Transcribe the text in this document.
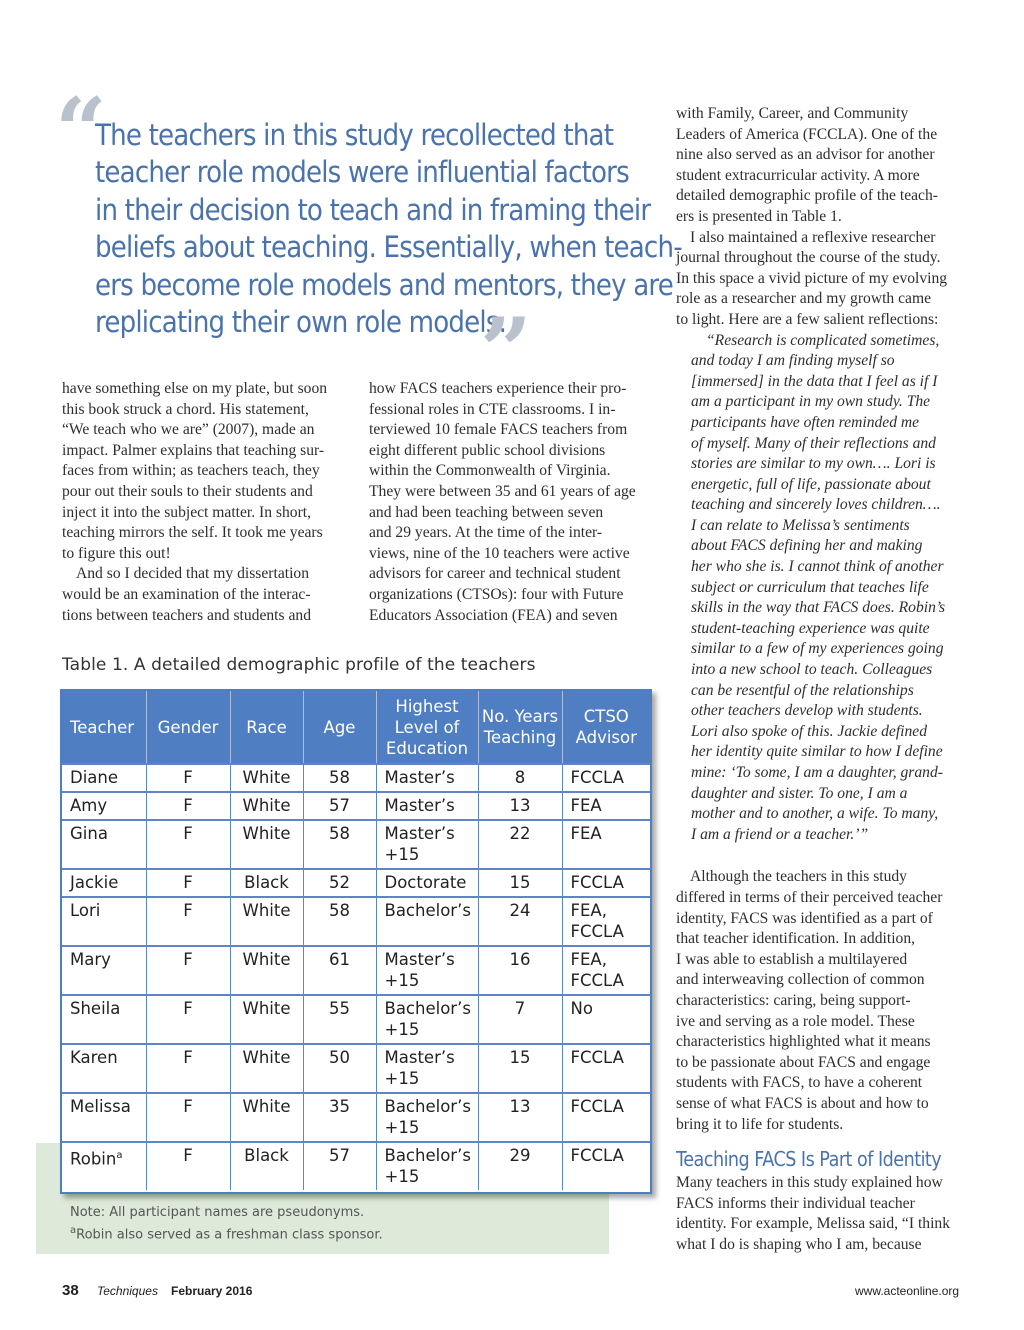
“
The teachers in this study recollected that
teacher role models were influential factors
in their decision to teach and in framing their
beliefs about teaching. Essentially, when teach-
ers become role models and mentors, they are
replicating their own role models.
”
have something else on my plate, but soon
this book struck a chord. His statement,
“We teach who we are” (2007), made an
impact. Palmer explains that teaching sur-
faces from within; as teachers teach, they
pour out their souls to their students and
inject it into the subject matter. In short,
teaching mirrors the self. It took me years
to figure this out!
And so I decided that my dissertation
would be an examination of the interac-
tions between teachers and students and
how FACS teachers experience their pro-
fessional roles in CTE classrooms. I in-
terviewed 10 female FACS teachers from
eight different public school divisions
within the Commonwealth of Virginia.
They were between 35 and 61 years of age
and had been teaching between seven
and 29 years. At the time of the inter-
views, nine of the 10 teachers were active
advisors for career and technical student
organizations (CTSOs): four with Future
Educators Association (FEA) and seven
with Family, Career, and Community
Leaders of America (FCCLA). One of the
nine also served as an advisor for another
student extracurricular activity. A more
detailed demographic profile of the teach-
ers is presented in Table 1.
I also maintained a reflexive researcher
journal throughout the course of the study.
In this space a vivid picture of my evolving
role as a researcher and my growth came
to light. Here are a few salient reflections:
“Research is complicated sometimes,
and today I am finding myself so
[immersed] in the data that I feel as if I
am a participant in my own study. The
participants have often reminded me
of myself. Many of their reflections and
stories are similar to my own…. Lori is
energetic, full of life, passionate about
teaching and sincerely loves children….
I can relate to Melissa’s sentiments
about FACS defining her and making
her who she is. I cannot think of another
subject or curriculum that teaches life
skills in the way that FACS does. Robin’s
student-teaching experience was quite
similar to a few of my experiences going
into a new school to teach. Colleagues
can be resentful of the relationships
other teachers develop with students.
Lori also spoke of this. Jackie defined
her identity quite similar to how I define
mine: ‘To some, I am a daughter, grand-
daughter and sister. To one, I am a
mother and to another, a wife. To many,
I am a friend or a teacher.’”
Although the teachers in this study
differed in terms of their perceived teacher
identity, FACS was identified as a part of
that teacher identification. In addition,
I was able to establish a multilayered
and interweaving collection of common
characteristics: caring, being support-
ive and serving as a role model. These
characteristics highlighted what it means
to be passionate about FACS and engage
students with FACS, to have a coherent
sense of what FACS is about and how to
bring it to life for students.
Teaching FACS Is Part of Identity
Many teachers in this study explained how
FACS informs their individual teacher
identity. For example, Melissa said, “I think
what I do is shaping who I am, because
Table 1. A detailed demographic profile of the teachers
Teacher	Gender	Race	Age	Highest Level of Education	No. Years Teaching	CTSO Advisor
Diane	F	White	58	Master’s	8	FCCLA
Amy	F	White	57	Master’s	13	FEA
Gina	F	White	58	Master’s +15	22	FEA
Jackie	F	Black	52	Doctorate	15	FCCLA
Lori	F	White	58	Bachelor’s	24	FEA, FCCLA
Mary	F	White	61	Master’s +15	16	FEA, FCCLA
Sheila	F	White	55	Bachelor’s +15	7	No
Karen	F	White	50	Master’s +15	15	FCCLA
Melissa	F	White	35	Bachelor’s +15	13	FCCLA
Robin$^a$	F	Black	57	Bachelor’s +15	29	FCCLA
Note: All participant names are pseudonyms.
$^a$Robin also served as a freshman class sponsor.
38 Techniques February 2016	www.acteonline.org
